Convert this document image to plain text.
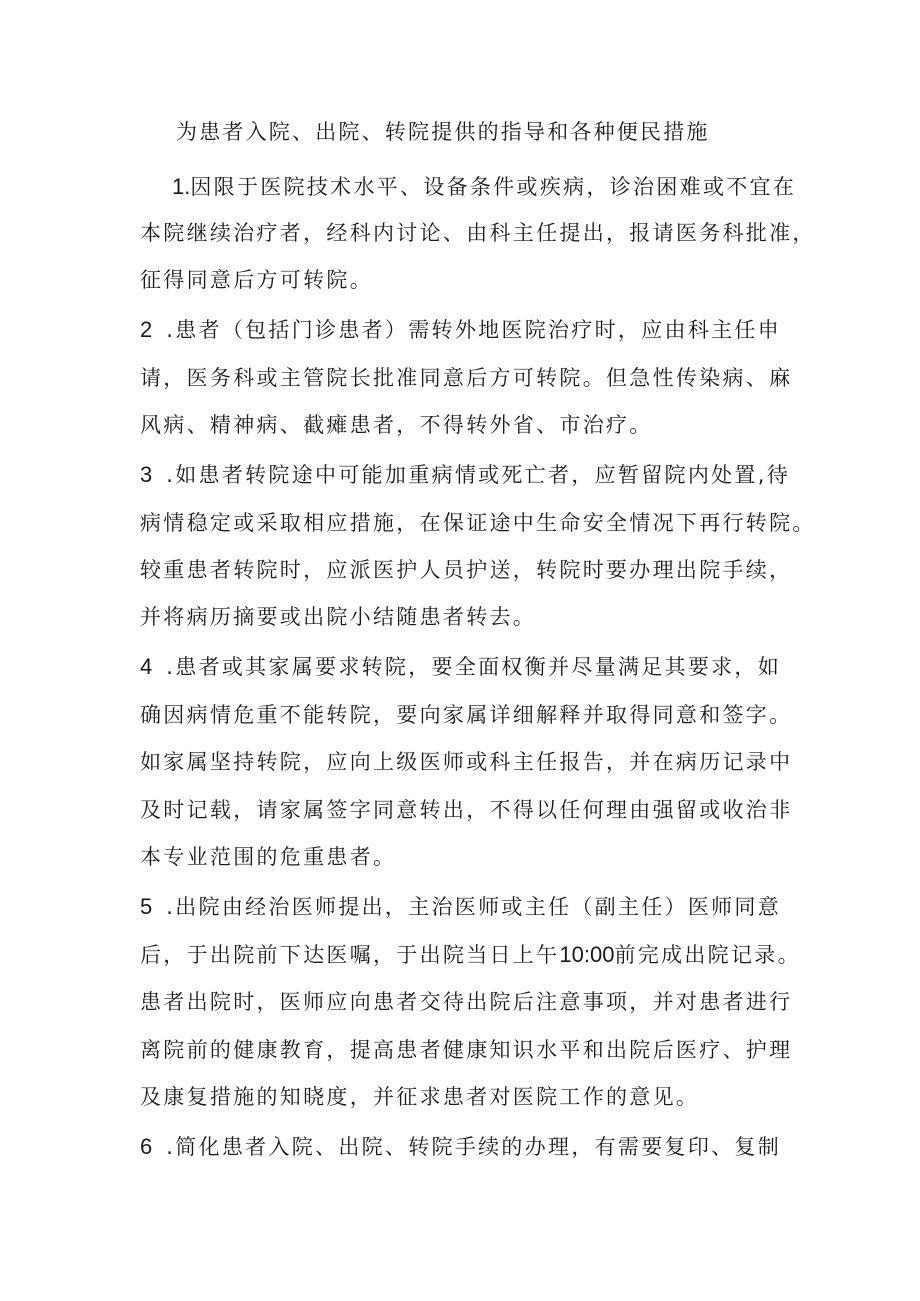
为患者入院、出院、转院提供的指导和各种便民措施
1.因限于医院技术水平、设备条件或疾病，诊治困难或不宜在
本院继续治疗者，经科内讨论、由科主任提出，报请医务科批准，
征得同意后方可转院。
2 .患者（包括门诊患者）需转外地医院治疗时，应由科主任申
请，医务科或主管院长批准同意后方可转院。但急性传染病、麻
风病、精神病、截瘫患者，不得转外省、市治疗。
3 .如患者转院途中可能加重病情或死亡者，应暂留院内处置,待
病情稳定或采取相应措施，在保证途中生命安全情况下再行转院。
较重患者转院时，应派医护人员护送，转院时要办理出院手续，
并将病历摘要或出院小结随患者转去。
4 .患者或其家属要求转院，要全面权衡并尽量满足其要求，如
确因病情危重不能转院，要向家属详细解释并取得同意和签字。
如家属坚持转院，应向上级医师或科主任报告，并在病历记录中
及时记载，请家属签字同意转出，不得以任何理由强留或收治非
本专业范围的危重患者。
5 .出院由经治医师提出，主治医师或主任（副主任）医师同意
后，于出院前下达医嘱，于出院当日上午10:00前完成出院记录。
患者出院时，医师应向患者交待出院后注意事项，并对患者进行
离院前的健康教育，提高患者健康知识水平和出院后医疗、护理
及康复措施的知晓度，并征求患者对医院工作的意见。
6 .简化患者入院、出院、转院手续的办理，有需要复印、复制
